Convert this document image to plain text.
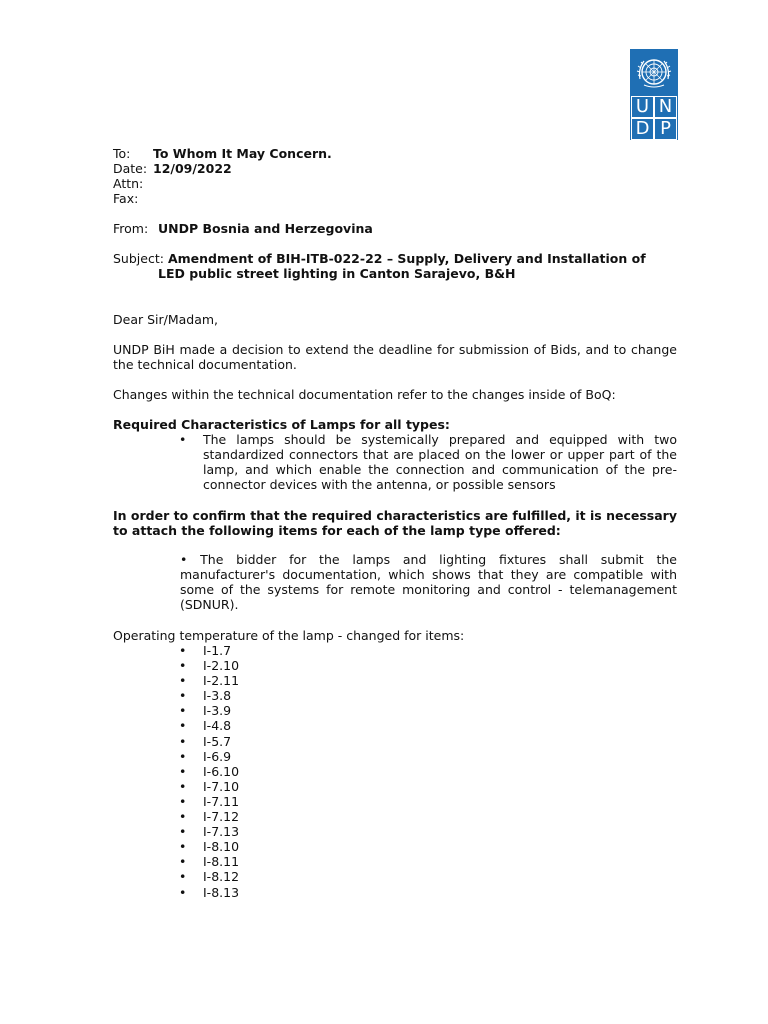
U N
D P
To: To Whom It May Concern.
Date: 12/09/2022
Attn:
Fax:
From: UNDP Bosnia and Herzegovina
Subject: Amendment of BIH-ITB-022-22 – Supply, Delivery and Installation of
LED public street lighting in Canton Sarajevo, B&H
Dear Sir/Madam,
UNDP BiH made a decision to extend the deadline for submission of Bids, and to change the technical documentation.
Changes within the technical documentation refer to the changes inside of BoQ:
Required Characteristics of Lamps for all types:
• The lamps should be systemically prepared and equipped with two standardized connectors that are placed on the lower or upper part of the lamp, and which enable the connection and communication of the pre-connector devices with the antenna, or possible sensors
In order to confirm that the required characteristics are fulfilled, it is necessary to attach the following items for each of the lamp type offered:
• The bidder for the lamps and lighting fixtures shall submit the manufacturer's documentation, which shows that they are compatible with some of the systems for remote monitoring and control - telemanagement (SDNUR).
Operating temperature of the lamp - changed for items:
• I-1.7
• I-2.10
• I-2.11
• I-3.8
• I-3.9
• I-4.8
• I-5.7
• I-6.9
• I-6.10
• I-7.10
• I-7.11
• I-7.12
• I-7.13
• I-8.10
• I-8.11
• I-8.12
• I-8.13
